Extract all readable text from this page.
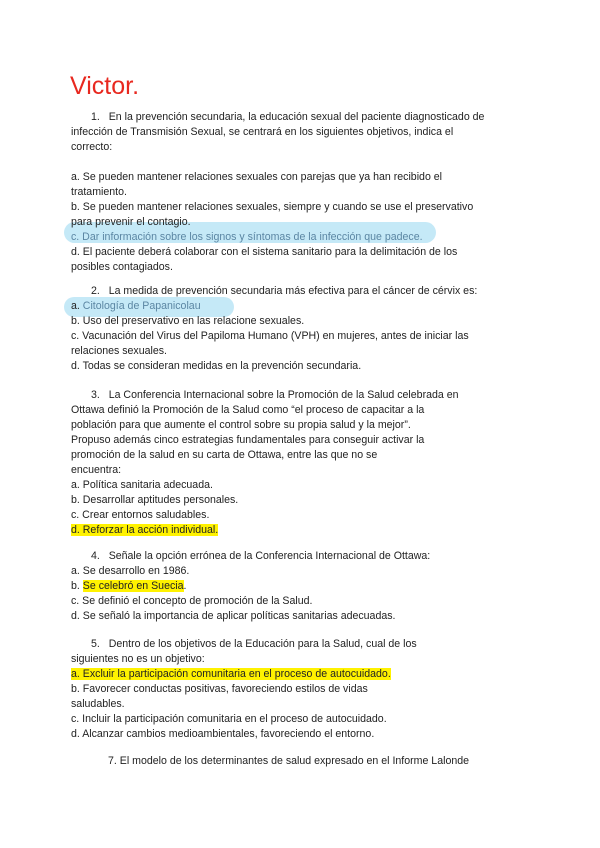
Victor.

1. En la prevención secundaria, la educación sexual del paciente diagnosticado de

infección de Transmisión Sexual, se centrará en los siguientes objetivos, indica el

correcto:

a. Se pueden mantener relaciones sexuales con parejas que ya han recibido el

tratamiento.

b. Se pueden mantener relaciones sexuales, siempre y cuando se use el preservativo

para prevenir el contagio.

c. Dar información sobre los signos y síntomas de la infección que padece.

d. El paciente deberá colaborar con el sistema sanitario para la delimitación de los

posibles contagiados.

2. La medida de prevención secundaria más efectiva para el cáncer de cérvix es:

a. Citología de Papanicolau

b. Uso del preservativo en las relacione sexuales.

c. Vacunación del Virus del Papiloma Humano (VPH) en mujeres, antes de iniciar las

relaciones sexuales.

d. Todas se consideran medidas en la prevención secundaria.

3. La Conferencia Internacional sobre la Promoción de la Salud celebrada en

Ottawa definió la Promoción de la Salud como “el proceso de capacitar a la

población para que aumente el control sobre su propia salud y la mejor”.

Propuso además cinco estrategias fundamentales para conseguir activar la

promoción de la salud en su carta de Ottawa, entre las que no se

encuentra:

a. Política sanitaria adecuada.

b. Desarrollar aptitudes personales.

c. Crear entornos saludables.

d. Reforzar la acción individual.

4. Señale la opción errónea de la Conferencia Internacional de Ottawa:

a. Se desarrollo en 1986.

b. Se celebró en Suecia.

c. Se definió el concepto de promoción de la Salud.

d. Se señaló la importancia de aplicar políticas sanitarias adecuadas.

5. Dentro de los objetivos de la Educación para la Salud, cual de los

siguientes no es un objetivo:

a. Excluir la participación comunitaria en el proceso de autocuidado.

b. Favorecer conductas positivas, favoreciendo estilos de vidas

saludables.

c. Incluir la participación comunitaria en el proceso de autocuidado.

d. Alcanzar cambios medioambientales, favoreciendo el entorno.

7. El modelo de los determinantes de salud expresado en el Informe Lalonde
